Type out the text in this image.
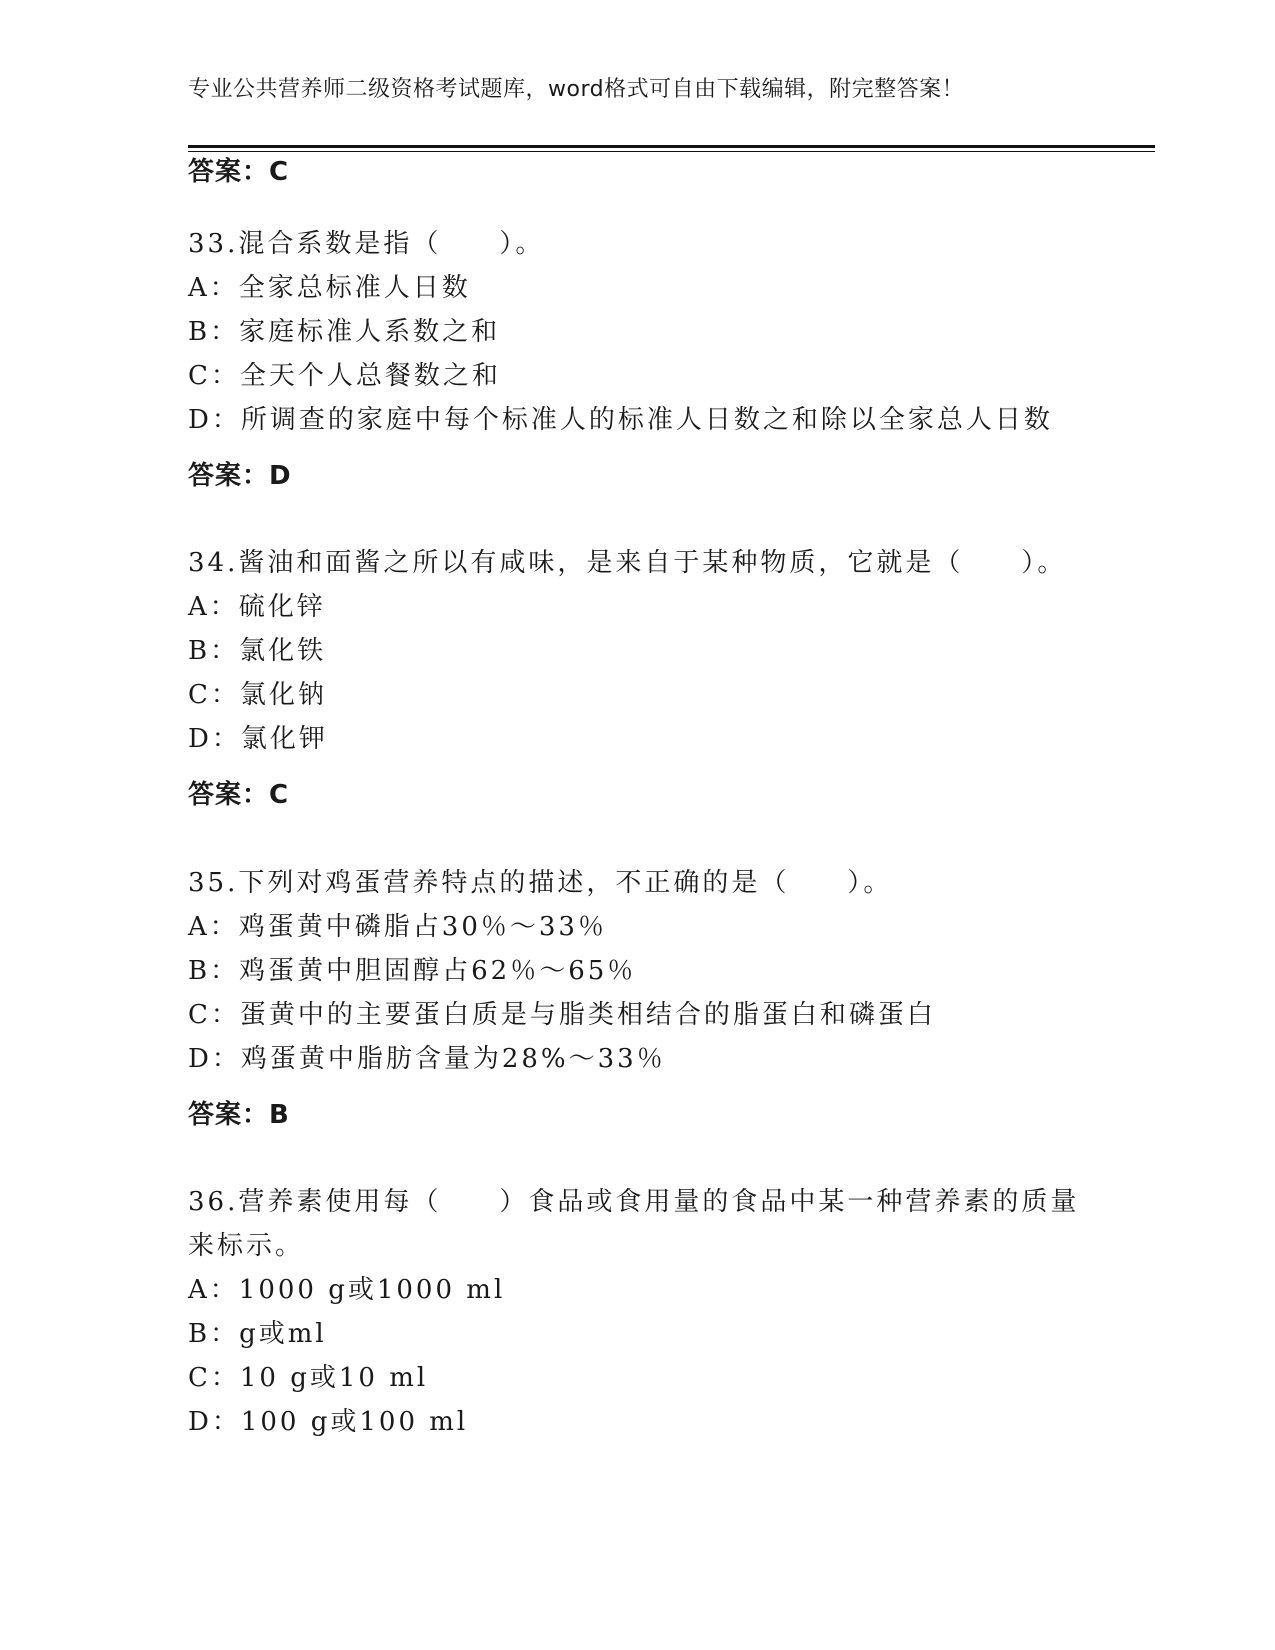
专业公共营养师二级资格考试题库，word格式可自由下载编辑，附完整答案！
答案：C
33.混合系数是指（　　）。
A：全家总标准人日数
B：家庭标准人系数之和
C：全天个人总餐数之和
D：所调查的家庭中每个标准人的标准人日数之和除以全家总人日数
答案：D
34.酱油和面酱之所以有咸味，是来自于某种物质，它就是（　　）。
A：硫化锌
B：氯化铁
C：氯化钠
D：氯化钾
答案：C
35.下列对鸡蛋营养特点的描述，不正确的是（　　）。
A：鸡蛋黄中磷脂占30％～33％
B：鸡蛋黄中胆固醇占62％～65％
C：蛋黄中的主要蛋白质是与脂类相结合的脂蛋白和磷蛋白
D：鸡蛋黄中脂肪含量为28%～33％
答案：B
36.营养素使用每（　　）食品或食用量的食品中某一种营养素的质量
来标示。
A：1000 g或1000 ml
B：g或ml
C：10 g或10 ml
D：100 g或100 ml
